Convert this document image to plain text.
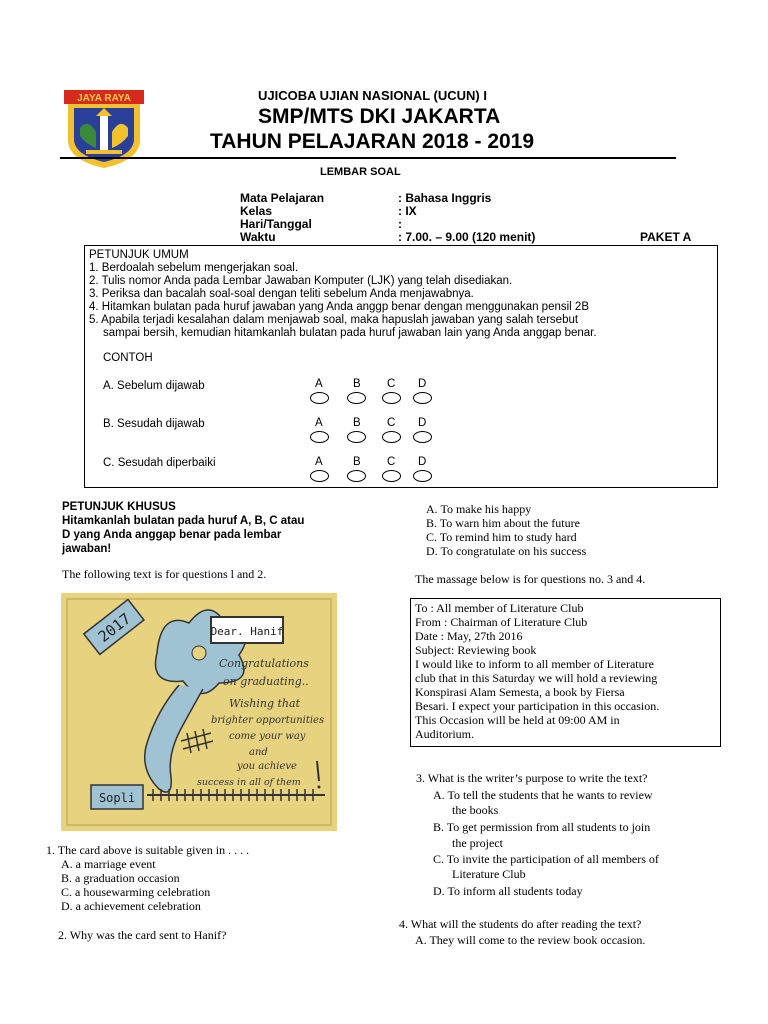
JAYA RAYA	UJICOBA UJIAN NASIONAL (UCUN) I
SMP/MTS DKI JAKARTA
TAHUN PELAJARAN 2018 - 2019
LEMBAR SOAL
Mata Pelajaran	: Bahasa Inggris
Kelas	: IX
Hari/Tanggal	:
Waktu	: 7.00. – 9.00 (120 menit)	PAKET A
PETUNJUK UMUM
1. Berdoalah sebelum mengerjakan soal.
2. Tulis nomor Anda pada Lembar Jawaban Komputer (LJK) yang telah disediakan.
3. Periksa dan bacalah soal-soal dengan teliti sebelum Anda menjawabnya.
4. Hitamkan bulatan pada huruf jawaban yang Anda anggp benar dengan menggunakan pensil 2B
5. Apabila terjadi kesalahan dalam menjawab soal, maka hapuslah jawaban yang salah tersebut
sampai bersih, kemudian hitamkanlah bulatan pada huruf jawaban lain yang Anda anggap benar.
CONTOH
A. Sebelum dijawab	A	B C D
B. Sesudah dijawab	A	B C D
C. Sesudah diperbaiki	A	B C D
PETUNJUK KHUSUS
Hitamkanlah bulatan pada huruf A, B, C atau
D yang Anda anggap benar pada lembar
jawaban!
The following text is for questions l and 2.
2017	Dear. Hanif
Congratulations
on graduating..
Wishing that
brighter opportunities
come your way
and
you achieve
success in all of them
Sopli
1. The card above is suitable given in . . . .
A. a marriage event
B. a graduation occasion
C. a housewarming celebration
D. a achievement celebration
2. Why was the card sent to Hanif?
A. To make his happy
B. To warn him about the future
C. To remind him to study hard
D. To congratulate on his success
The massage below is for questions no. 3 and 4.
To : All member of Literature Club
From : Chairman of Literature Club
Date : May, 27th 2016
Subject: Reviewing book
I would like to inform to all member of Literature
club that in this Saturday we will hold a reviewing
Konspirasi Alam Semesta, a book by Fiersa
Besari. I expect your participation in this occasion.
This Occasion will be held at 09:00 AM in
Auditorium.
3. What is the writer’s purpose to write the text?
A. To tell the students that he wants to review
the books
B. To get permission from all students to join
the project
C. To invite the participation of all members of
Literature Club
D. To inform all students today
4. What will the students do after reading the text?
A. They will come to the review book occasion.
